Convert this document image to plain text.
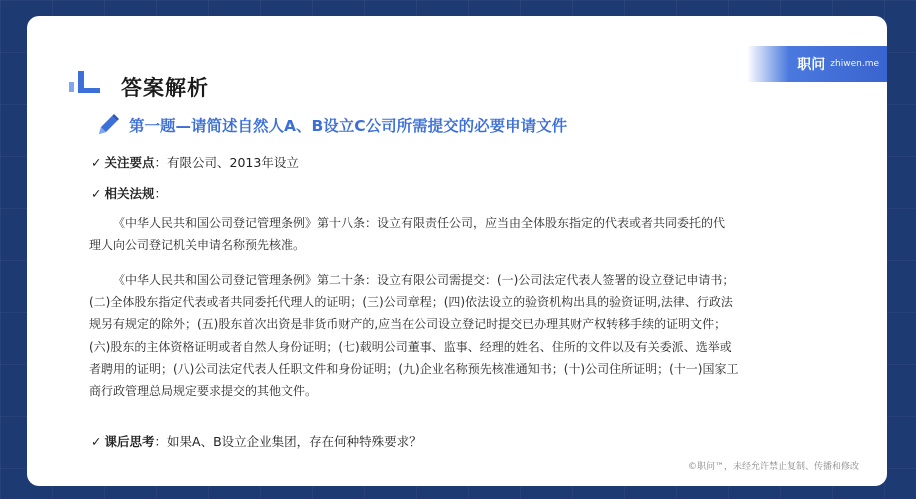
答案解析
职问 zhiwen.me
第一题—请简述自然人A、B设立C公司所需提交的必要申请文件
✓ 关注要点：有限公司、2013年设立
✓ 相关法规：
《中华人民共和国公司登记管理条例》第十八条：设立有限责任公司，应当由全体股东指定的代表或者共同委托的代
理人向公司登记机关申请名称预先核准。
《中华人民共和国公司登记管理条例》第二十条：设立有限公司需提交：(一)公司法定代表人签署的设立登记申请书；
(二)全体股东指定代表或者共同委托代理人的证明；(三)公司章程；(四)依法设立的验资机构出具的验资证明,法律、行政法
规另有规定的除外；(五)股东首次出资是非货币财产的,应当在公司设立登记时提交已办理其财产权转移手续的证明文件；
(六)股东的主体资格证明或者自然人身份证明；(七)载明公司董事、监事、经理的姓名、住所的文件以及有关委派、选举或
者聘用的证明；(八)公司法定代表人任职文件和身份证明；(九)企业名称预先核准通知书；(十)公司住所证明；(十一)国家工
商行政管理总局规定要求提交的其他文件。
✓ 课后思考：如果A、B设立企业集团，存在何种特殊要求？
©职问™，未经允许禁止复制、传播和修改
